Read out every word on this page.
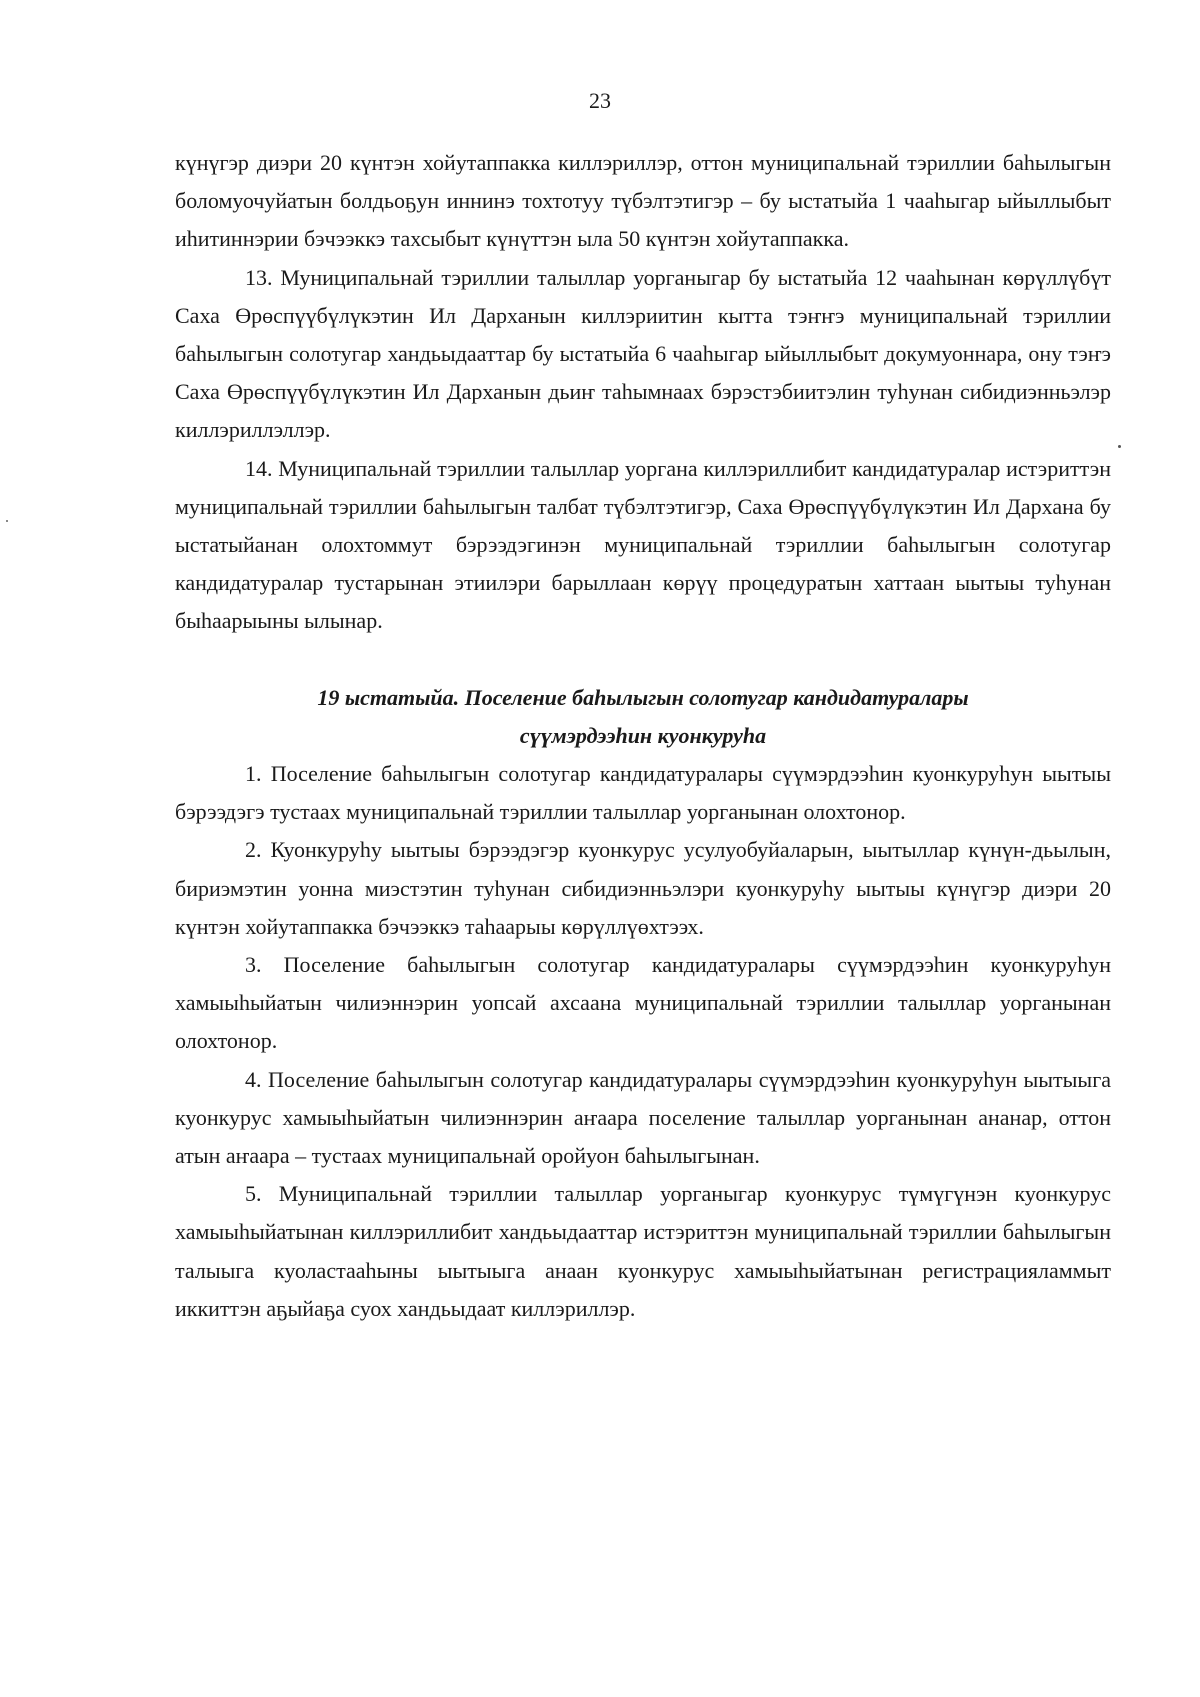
23

күнүгэр диэри 20 күнтэн хойутаппакка киллэриллэр, оттон муниципальнай тэриллии баhылыгын боломуочуйатын болдьоҕун иннинэ тохтотуу түбэлтэтигэр – бу ыстатыйа 1 чааhыгар ыйыллыбыт иhитиннэрии бэчээккэ тахсыбыт күнүттэн ыла 50 күнтэн хойутаппакка.

13. Муниципальнай тэриллии талыллар уорганыгар бу ыстатыйа 12 чааhынан көрүллүбүт Саха Өрөспүүбүлүкэтин Ил Дарханын киллэриитин кытта тэҥҥэ муниципальнай тэриллии баhылыгын солотугар хандьыдааттар бу ыстатыйа 6 чааhыгар ыйыллыбыт докумуоннара, ону тэҥэ Саха Өрөспүүбүлүкэтин Ил Дарханын дьиҥ таhымнаах бэрэстэбиитэлин туhунан сибидиэнньэлэр киллэриллэллэр.

14. Муниципальнай тэриллии талыллар уоргана киллэриллибит кандидатуралар истэриттэн муниципальнай тэриллии баhылыгын талбат түбэлтэтигэр, Саха Өрөспүүбүлүкэтин Ил Дархана бу ыстатыйанан олохтоммут бэрээдэгинэн муниципальнай тэриллии баhылыгын солотугар кандидатуралар тустарынан этиилэри барыллаан көрүү процедуратын хаттаан ыытыы туhунан быhаарыыны ылынар.

19 ыстатыйа. Поселение баhылыгын солотугар кандидатуралары
сүүмэрдээhин куонкуруhа

1. Поселение баhылыгын солотугар кандидатуралары сүүмэрдээhин куонкуруhун ыытыы бэрээдэгэ тустаах муниципальнай тэриллии талыллар уорганынан олохтонор.

2. Куонкуруhу ыытыы бэрээдэгэр куонкурус усулуобуйаларын, ыытыллар күнүн-дьылын, бириэмэтин уонна миэстэтин туhунан сибидиэнньэлэри куонкуруhу ыытыы күнүгэр диэри 20 күнтэн хойутаппакка бэчээккэ таhаарыы көрүллүөхтээх.

3. Поселение баhылыгын солотугар кандидатуралары сүүмэрдээhин куонкуруhун хамыыhыйатын чилиэннэрин уопсай ахсаана муниципальнай тэриллии талыллар уорганынан олохтонор.

4. Поселение баhылыгын солотугар кандидатуралары сүүмэрдээhин куонкуруhун ыытыыга куонкурус хамыыhыйатын чилиэннэрин аҥаара поселение талыллар уорганынан ананар, оттон атын аҥаара – тустаах муниципальнай оройуон баhылыгынан.

5. Муниципальнай тэриллии талыллар уорганыгар куонкурус түмүгүнэн куонкурус хамыыhыйатынан киллэриллибит хандьыдааттар истэриттэн муниципальнай тэриллии баhылыгын талыыга куоластааhыны ыытыыга анаан куонкурус хамыыhыйатынан регистрацияламмыт иккиттэн аҕыйаҕа суох хандьыдаат киллэриллэр.
